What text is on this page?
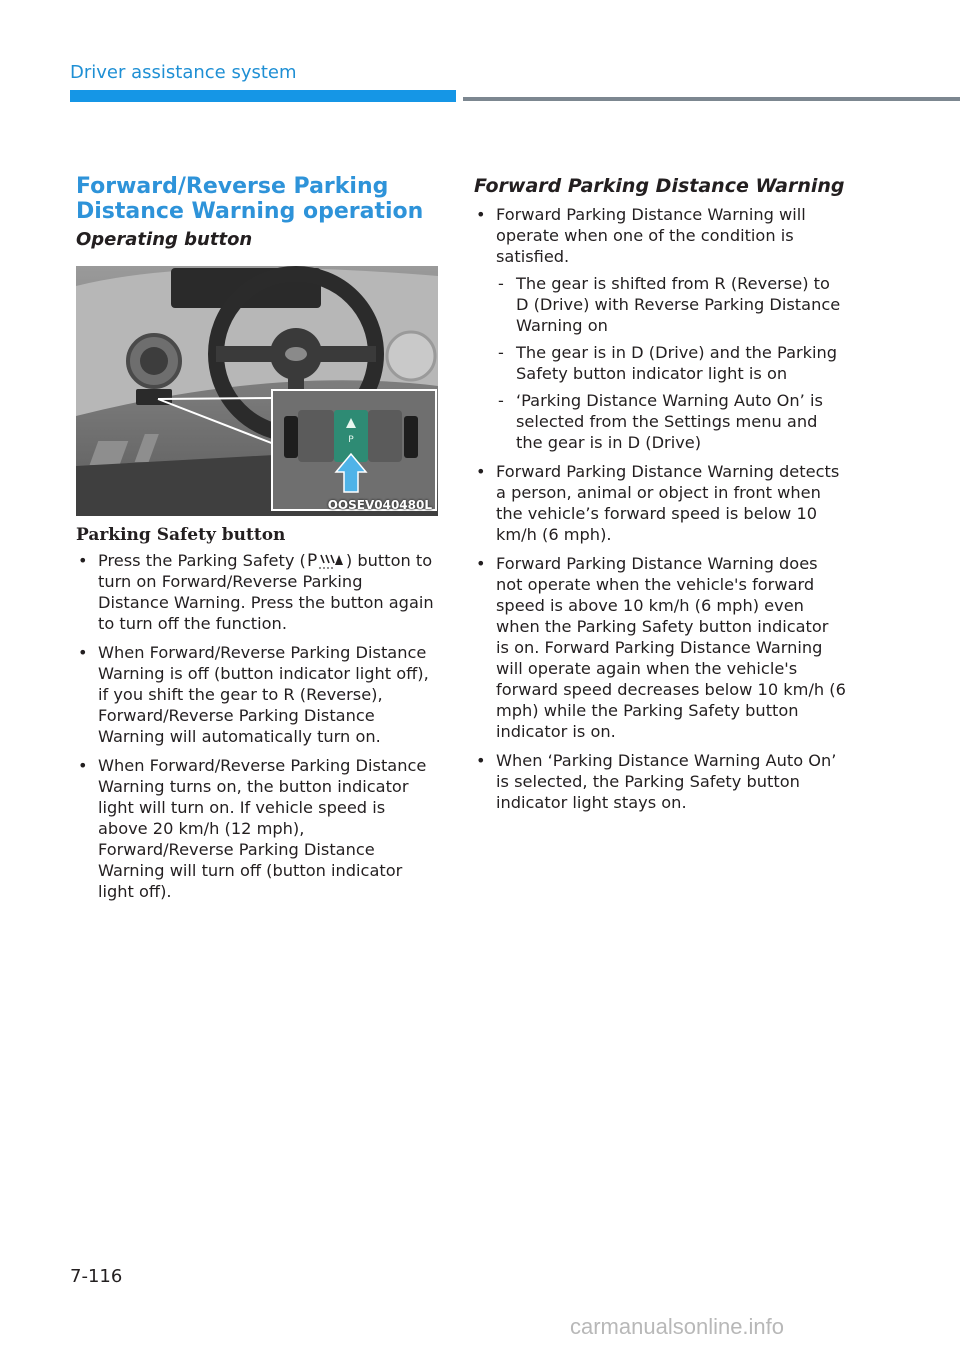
Driver assistance system
Forward/Reverse Parking Distance Warning operation
Operating button
P
OOSEV040480L

Parking Safety button

• Press the Parking Safety ( P ) button to turn on Forward/Reverse Parking Distance Warning. Press the button again to turn off the function.
• When Forward/Reverse Parking Distance Warning is off (button indicator light off), if you shift the gear to R (Reverse), Forward/Reverse Parking Distance Warning will automatically turn on.
• When Forward/Reverse Parking Distance Warning turns on, the button indicator light will turn on. If vehicle speed is above 20 km/h (12 mph), Forward/Reverse Parking Distance Warning will turn off (button indicator light off).
Forward Parking Distance Warning
• Forward Parking Distance Warning will operate when one of the condition is satisfied.
- The gear is shifted from R (Reverse) to D (Drive) with Reverse Parking Distance Warning on
- The gear is in D (Drive) and the Parking Safety button indicator light is on
- ‘Parking Distance Warning Auto On’ is selected from the Settings menu and the gear is in D (Drive)
• Forward Parking Distance Warning detects a person, animal or object in front when the vehicle’s forward speed is below 10 km/h (6 mph).
• Forward Parking Distance Warning does not operate when the vehicle's forward speed is above 10 km/h (6 mph) even when the Parking Safety button indicator is on. Forward Parking Distance Warning will operate again when the vehicle's forward speed decreases below 10 km/h (6 mph) while the Parking Safety button indicator is on.
• When ‘Parking Distance Warning Auto On’ is selected, the Parking Safety button indicator light stays on.
7-116
carmanualsonline.info
